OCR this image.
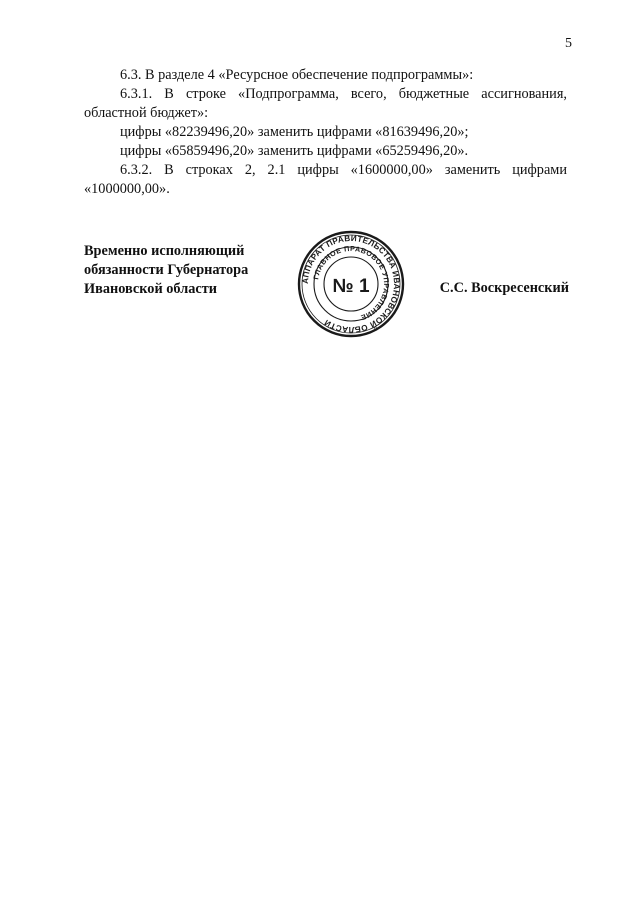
5

6.3. В разделе 4 «Ресурсное обеспечение подпрограммы»:

6.3.1. В строке «Подпрограмма, всего, бюджетные ассигнования, областной бюджет»:

цифры «82239496,20» заменить цифрами «81639496,20»;

цифры «65859496,20» заменить цифрами «65259496,20».

6.3.2. В строках 2, 2.1 цифры «1600000,00» заменить цифрами «1000000,00».

Временно исполняющий
обязанности Губернатора
Ивановской области
АППАРАТ ПРАВИТЕЛЬСТВА ИВАНОВСКОЙ ОБЛАСТИ
ГЛАВНОЕ ПРАВОВОЕ УПРАВЛЕНИЕ
№ 1	С.С. Воскресенский
